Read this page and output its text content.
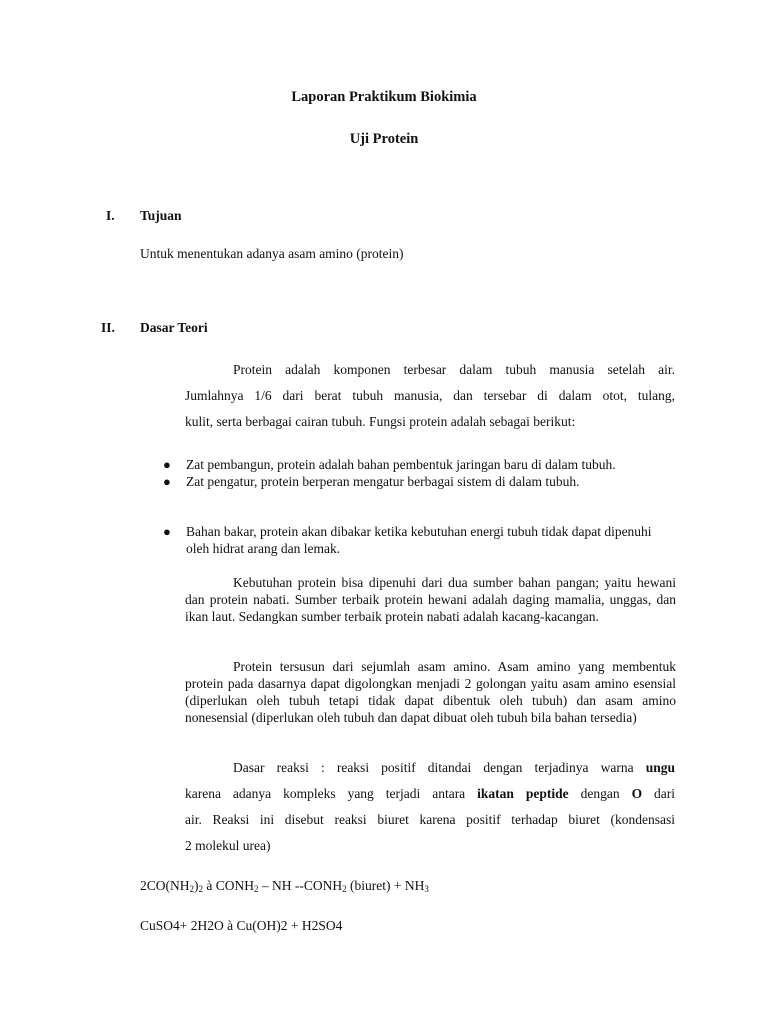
Laporan Praktikum Biokimia

Uji Protein

I. Tujuan

Untuk menentukan adanya asam amino (protein)

II. Dasar Teori
Protein adalah komponen terbesar dalam tubuh manusia setelah air.
Jumlahnya 1/6 dari berat tubuh manusia, dan tersebar di dalam otot, tulang,
kulit, serta berbagai cairan tubuh. Fungsi protein adalah sebagai berikut:
● Zat pembangun, protein adalah bahan pembentuk jaringan baru di dalam tubuh.
● Zat pengatur, protein berperan mengatur berbagai sistem di dalam tubuh.
● Bahan bakar, protein akan dibakar ketika kebutuhan energi tubuh tidak dapat dipenuhi oleh hidrat arang dan lemak.

Kebutuhan protein bisa dipenuhi dari dua sumber bahan pangan; yaitu hewani dan protein nabati. Sumber terbaik protein hewani adalah daging mamalia, unggas, dan ikan laut. Sedangkan sumber terbaik protein nabati adalah kacang-kacangan.

Protein tersusun dari sejumlah asam amino. Asam amino yang membentuk protein pada dasarnya dapat digolongkan menjadi 2 golongan yaitu asam amino esensial (diperlukan oleh tubuh tetapi tidak dapat dibentuk oleh tubuh) dan asam amino nonesensial (diperlukan oleh tubuh dan dapat dibuat oleh tubuh bila bahan tersedia)

Dasar reaksi : reaksi positif ditandai dengan terjadinya warna ungu
karena adanya kompleks yang terjadi antara ikatan peptide dengan O dari
air. Reaksi ini disebut reaksi biuret karena positif terhadap biuret (kondensasi
2 molekul urea)

$2CO(NH_2)_2$ à $CONH_2$ – NH $--CONH_2$ (biuret) + $NH_3$

CuSO4+ 2H2O à Cu(OH)2 + H2SO4
